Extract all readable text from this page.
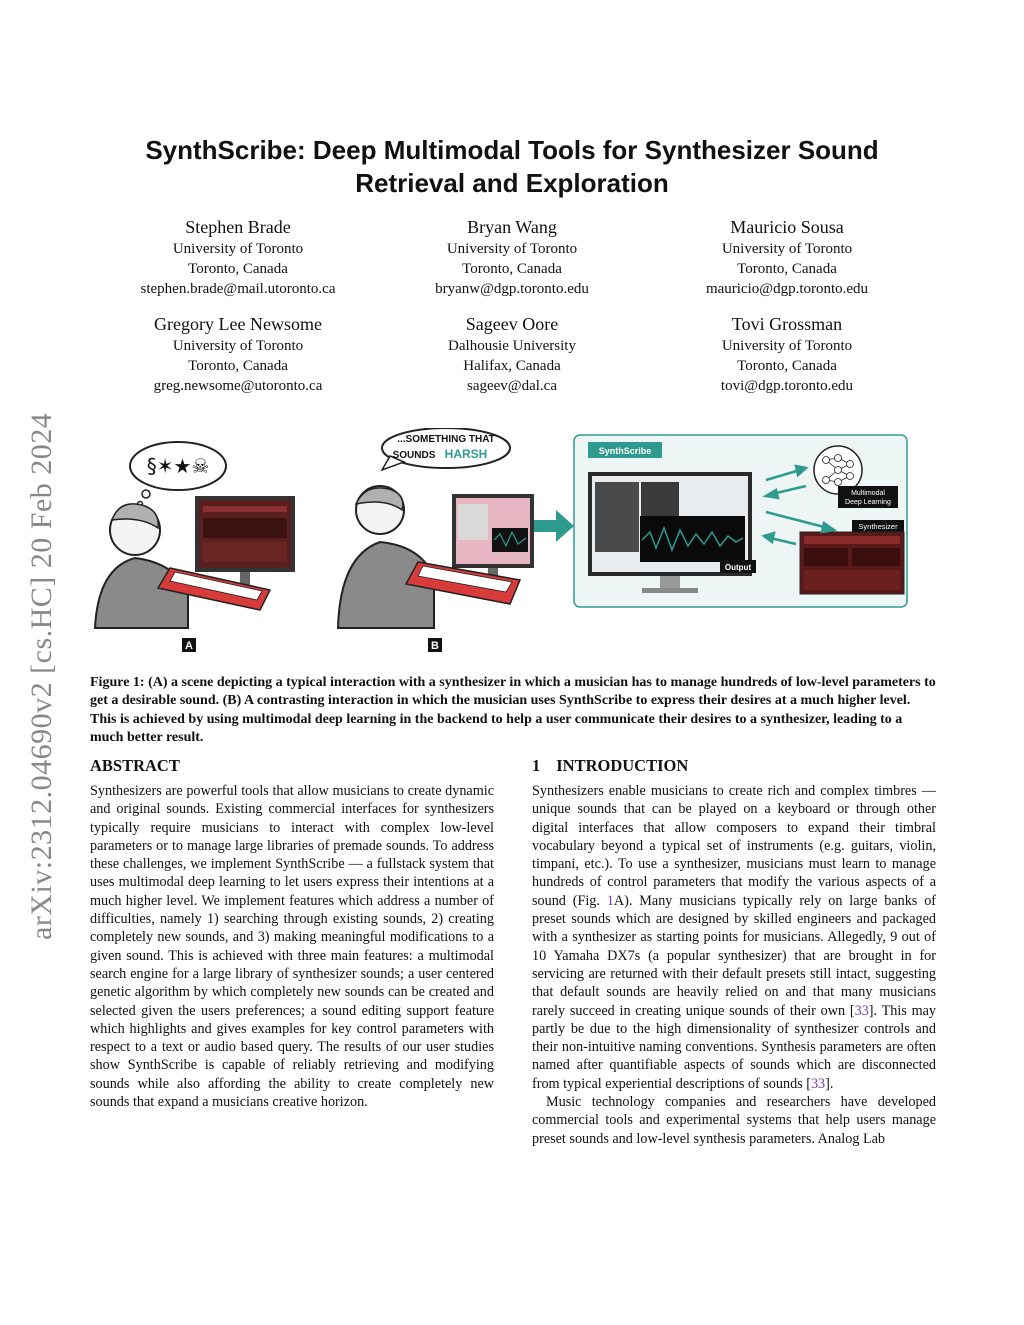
arXiv:2312.04690v2 [cs.HC] 20 Feb 2024
SynthScribe: Deep Multimodal Tools for Synthesizer Sound
Retrieval and Exploration
Stephen Brade
University of Toronto
Toronto, Canada
stephen.brade@mail.utoronto.ca
Bryan Wang
University of Toronto
Toronto, Canada
bryanw@dgp.toronto.edu
Mauricio Sousa
University of Toronto
Toronto, Canada
mauricio@dgp.toronto.edu
Gregory Lee Newsome
University of Toronto
Toronto, Canada
greg.newsome@utoronto.ca
Sageev Oore
Dalhousie University
Halifax, Canada
sageev@dal.ca
Tovi Grossman
University of Toronto
Toronto, Canada
tovi@dgp.toronto.edu
§✶★☠
A
...SOMETHING THAT
SOUNDS HARSH
B
SynthScribe
Output
Multimodal
Deep Learning
Synthesizer
Figure 1: (A) a scene depicting a typical interaction with a synthesizer in which a musician has to manage hundreds of low-level parameters to get a desirable sound. (B) A contrasting interaction in which the musician uses SynthScribe to express their desires at a much higher level. This is achieved by using multimodal deep learning in the backend to help a user communicate their desires to a synthesizer, leading to a much better result.
ABSTRACT

Synthesizers are powerful tools that allow musicians to create dynamic and original sounds. Existing commercial interfaces for synthesizers typically require musicians to interact with complex low-level parameters or to manage large libraries of premade sounds. To address these challenges, we implement SynthScribe — a fullstack system that uses multimodal deep learning to let users express their intentions at a much higher level. We implement features which address a number of difficulties, namely 1) searching through existing sounds, 2) creating completely new sounds, and 3) making meaningful modifications to a given sound. This is achieved with three main features: a multimodal search engine for a large library of synthesizer sounds; a user centered genetic algorithm by which completely new sounds can be created and selected given the users preferences; a sound editing support feature which highlights and gives examples for key control parameters with respect to a text or audio based query. The results of our user studies show SynthScribe is capable of reliably retrieving and modifying sounds while also affording the ability to create completely new sounds that expand a musicians creative horizon.

1 INTRODUCTION

Synthesizers enable musicians to create rich and complex timbres — unique sounds that can be played on a keyboard or through other digital interfaces that allow composers to expand their timbral vocabulary beyond a typical set of instruments (e.g. guitars, violin, timpani, etc.). To use a synthesizer, musicians must learn to manage hundreds of control parameters that modify the various aspects of a sound (Fig. 1A). Many musicians typically rely on large banks of preset sounds which are designed by skilled engineers and packaged with a synthesizer as starting points for musicians. Allegedly, 9 out of 10 Yamaha DX7s (a popular synthesizer) that are brought in for servicing are returned with their default presets still intact, suggesting that default sounds are heavily relied on and that many musicians rarely succeed in creating unique sounds of their own [33]. This may partly be due to the high dimensionality of synthesizer controls and their non-intuitive naming conventions. Synthesis parameters are often named after quantifiable aspects of sounds which are disconnected from typical experiential descriptions of sounds [33].

Music technology companies and researchers have developed commercial tools and experimental systems that help users manage preset sounds and low-level synthesis parameters. Analog Lab
